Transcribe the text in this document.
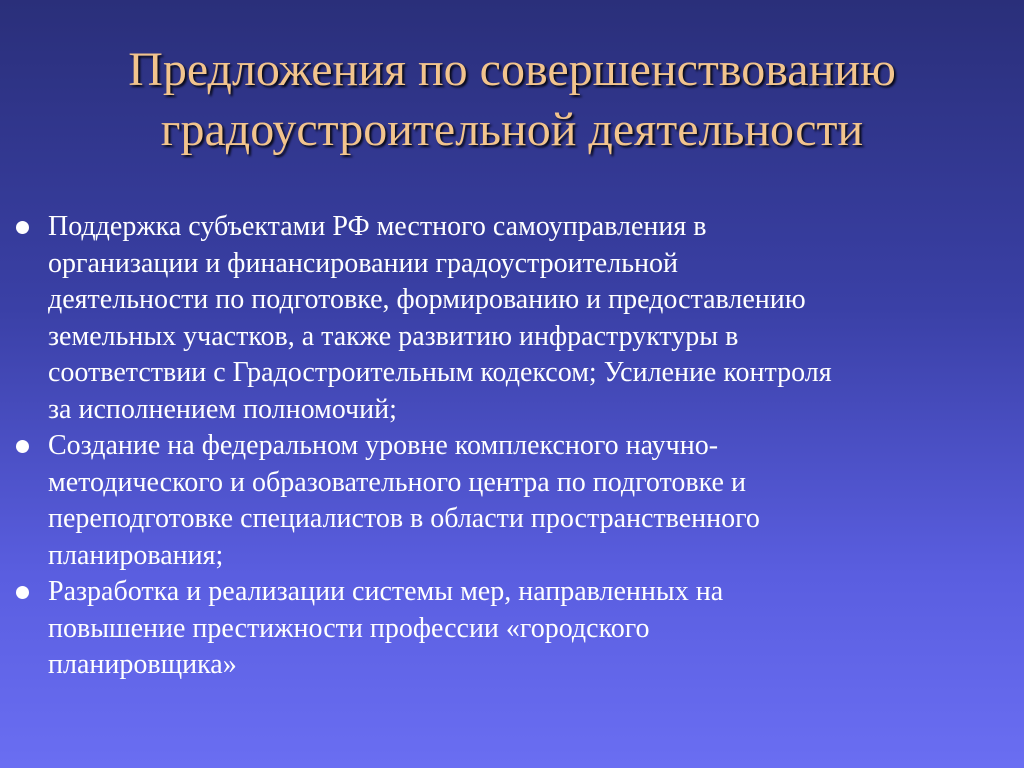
Предложения по совершенствованию
градоустроительной деятельности
Поддержка субъектами РФ местного самоуправления в
организации и финансировании градоустроительной
деятельности по подготовке, формированию и предоставлению
земельных участков, а также развитию инфраструктуры в
соответствии с Градостроительным кодексом; Усиление контроля
за исполнением полномочий;
Создание на федеральном уровне комплексного научно-
методического и образовательного центра по подготовке и
переподготовке специалистов в области пространственного
планирования;
Разработка и реализации системы мер, направленных на
повышение престижности профессии «городского
планировщика»
